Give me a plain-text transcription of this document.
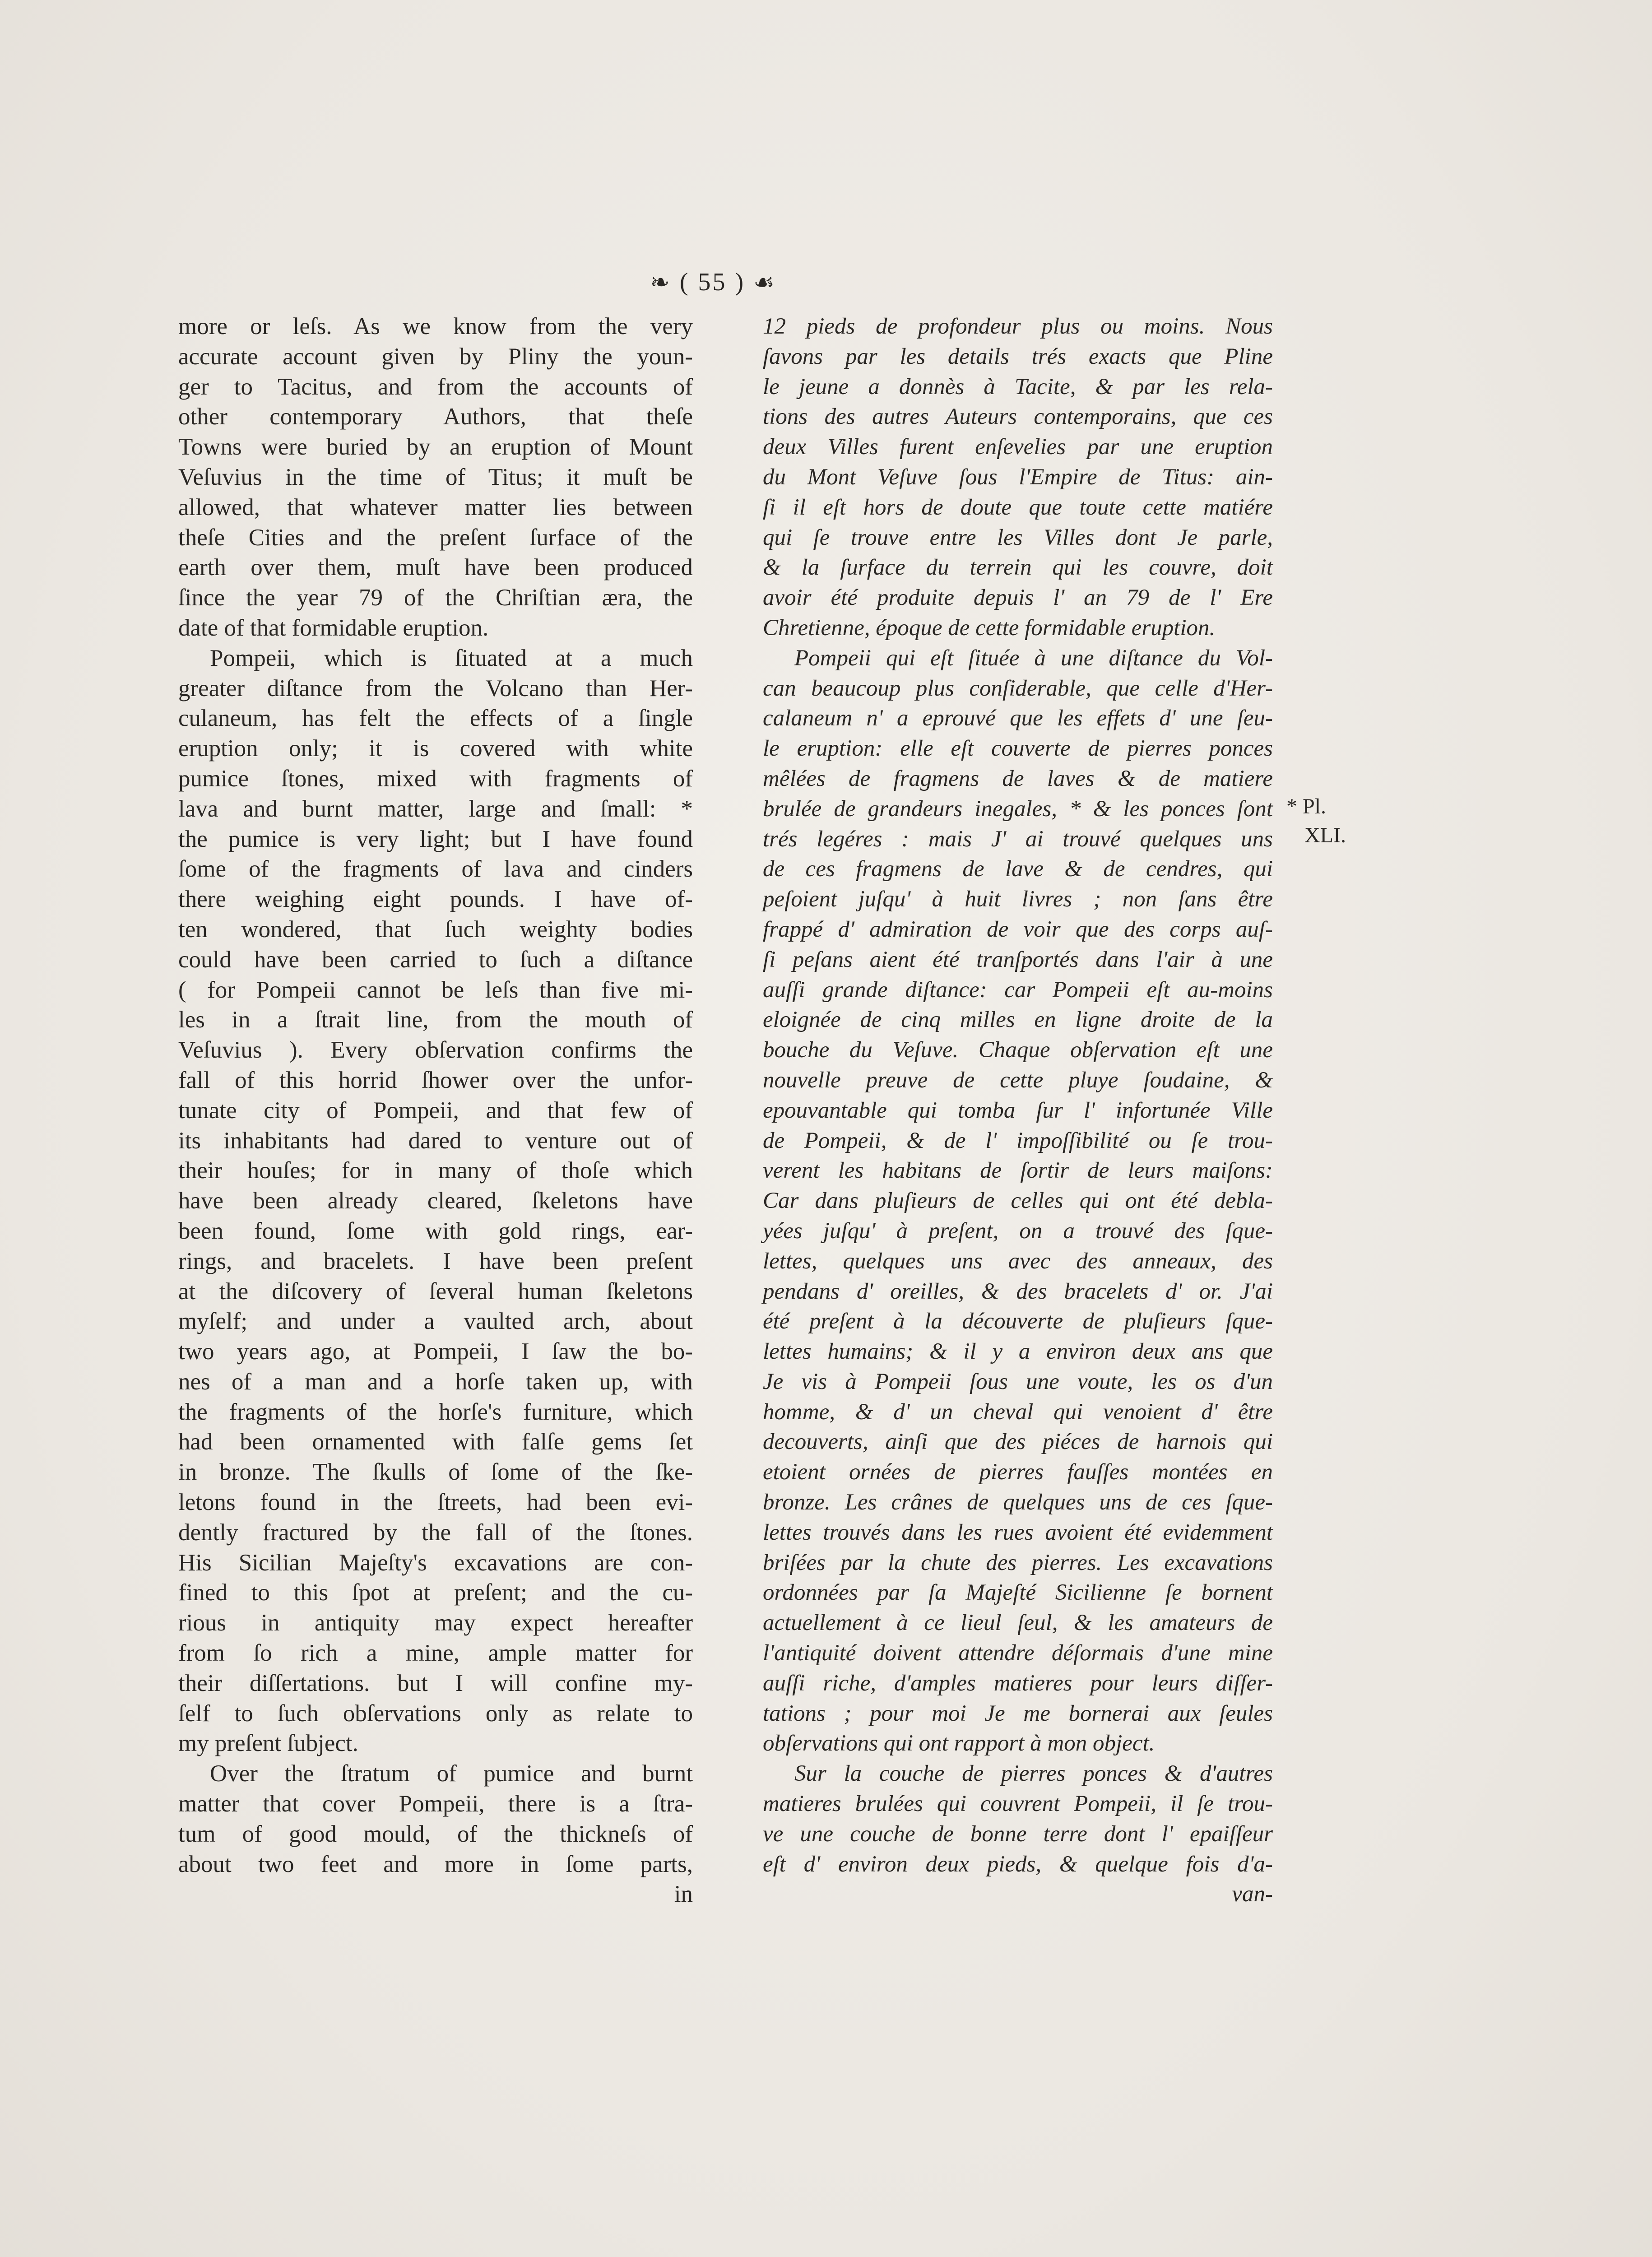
❧ ( 55 ) ☙
more or leſs. As we know from the very
accurate account given by Pliny the youn-
ger to Tacitus, and from the accounts of
other contemporary Authors, that theſe
Towns were buried by an eruption of Mount
Veſuvius in the time of Titus; it muſt be
allowed, that whatever matter lies between
theſe Cities and the preſent ſurface of the
earth over them, muſt have been produced
ſince the year 79 of the Chriſtian æra, the
date of that formidable eruption.
Pompeii, which is ſituated at a much
greater diſtance from the Volcano than Her-
culaneum, has felt the effects of a ſingle
eruption only; it is covered with white
pumice ſtones, mixed with fragments of
lava and burnt matter, large and ſmall: *
the pumice is very light; but I have found
ſome of the fragments of lava and cinders
there weighing eight pounds. I have of-
ten wondered, that ſuch weighty bodies
could have been carried to ſuch a diſtance
( for Pompeii cannot be leſs than five mi-
les in a ſtrait line, from the mouth of
Veſuvius ). Every obſervation confirms the
fall of this horrid ſhower over the unfor-
tunate city of Pompeii, and that few of
its inhabitants had dared to venture out of
their houſes; for in many of thoſe which
have been already cleared, ſkeletons have
been found, ſome with gold rings, ear-
rings, and bracelets. I have been preſent
at the diſcovery of ſeveral human ſkeletons
myſelf; and under a vaulted arch, about
two years ago, at Pompeii, I ſaw the bo-
nes of a man and a horſe taken up, with
the fragments of the horſe's furniture, which
had been ornamented with falſe gems ſet
in bronze. The ſkulls of ſome of the ſke-
letons found in the ſtreets, had been evi-
dently fractured by the fall of the ſtones.
His Sicilian Majeſty's excavations are con-
fined to this ſpot at preſent; and the cu-
rious in antiquity may expect hereafter
from ſo rich a mine, ample matter for
their diſſertations. but I will confine my-
ſelf to ſuch obſervations only as relate to
my preſent ſubject.
Over the ſtratum of pumice and burnt
matter that cover Pompeii, there is a ſtra-
tum of good mould, of the thickneſs of
about two feet and more in ſome parts,
in
12 pieds de profondeur plus ou moins. Nous
ſavons par les details trés exacts que Pline
le jeune a donnès à Tacite, & par les rela-
tions des autres Auteurs contemporains, que ces
deux Villes furent enſevelies par une eruption
du Mont Veſuve ſous l'Empire de Titus: ain-
ſi il eſt hors de doute que toute cette matiére
qui ſe trouve entre les Villes dont Je parle,
& la ſurface du terrein qui les couvre, doit
avoir été produite depuis l' an 79 de l' Ere
Chretienne, époque de cette formidable eruption.
Pompeii qui eſt ſituée à une diſtance du Vol-
can beaucoup plus conſiderable, que celle d'Her-
calaneum n' a eprouvé que les effets d' une ſeu-
le eruption: elle eſt couverte de pierres ponces
mêlées de fragmens de laves & de matiere
brulée de grandeurs inegales, * & les ponces ſont
trés legéres : mais J' ai trouvé quelques uns
de ces fragmens de lave & de cendres, qui
peſoient juſqu' à huit livres ; non ſans être
frappé d' admiration de voir que des corps auſ-
ſi peſans aient été tranſportés dans l'air à une
auſſi grande diſtance: car Pompeii eſt au-moins
eloignée de cinq milles en ligne droite de la
bouche du Veſuve. Chaque obſervation eſt une
nouvelle preuve de cette pluye ſoudaine, &
epouvantable qui tomba ſur l' infortunée Ville
de Pompeii, & de l' impoſſibilité ou ſe trou-
verent les habitans de ſortir de leurs maiſons:
Car dans pluſieurs de celles qui ont été debla-
yées juſqu' à preſent, on a trouvé des ſque-
lettes, quelques uns avec des anneaux, des
pendans d' oreilles, & des bracelets d' or. J'ai
été preſent à la découverte de pluſieurs ſque-
lettes humains; & il y a environ deux ans que
Je vis à Pompeii ſous une voute, les os d'un
homme, & d' un cheval qui venoient d' être
decouverts, ainſi que des piéces de harnois qui
etoient ornées de pierres fauſſes montées en
bronze. Les crânes de quelques uns de ces ſque-
lettes trouvés dans les rues avoient été evidemment
briſées par la chute des pierres. Les excavations
ordonnées par ſa Majeſté Sicilienne ſe bornent
actuellement à ce lieul ſeul, & les amateurs de
l'antiquité doivent attendre déſormais d'une mine
auſſi riche, d'amples matieres pour leurs diſſer-
tations ; pour moi Je me bornerai aux ſeules
obſervations qui ont rapport à mon object.
Sur la couche de pierres ponces & d'autres
matieres brulées qui couvrent Pompeii, il ſe trou-
ve une couche de bonne terre dont l' epaiſſeur
eſt d' environ deux pieds, & quelque fois d'a-
van-
* Pl.
XLI.
